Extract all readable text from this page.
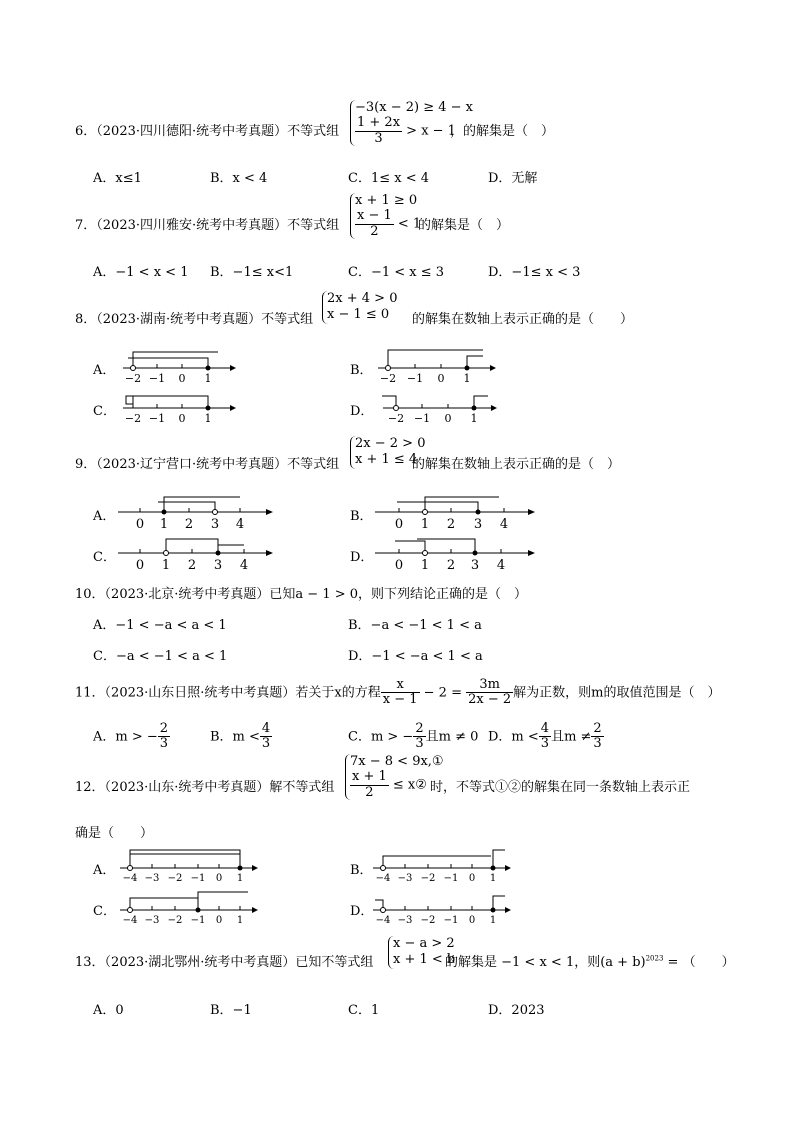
6．（2023·四川德阳·统考中考真题）不等式组
−3(x − 2) ≥ 4 − x
$\frac{1 + 2x}{3} > x - 1$
，的解集是（　）
A．x≤1	B．x < 4	C．1≤ x < 4	D．无解
7．（2023·四川雅安·统考中考真题）不等式组
x + 1 ≥ 0
$\frac{x - 1}{2} < 1$
的解集是（　）
A．−1 < x < 1 B．−1≤ x<1	C．−1 < x ≤ 3	D．−1≤ x < 3
8．（2023·湖南·统考中考真题）不等式组
2x + 4 > 0
x − 1 ≤ 0	的解集在数轴上表示正确的是（　　）
A．	B．
C．	D．
−2 −1 0 1	−2 −1 0 1
−2 −1 0 1	−2 −1 0 1
9．（2023·辽宁营口·统考中考真题）不等式组
2x − 2 > 0
x + 1 ≤ 4
的解集在数轴上表示正确的是（　）
A．	B．
C．	D．
0 1 2 3 4	0 1 2 3 4
0 1 2 3 4	0 1 2 3 4
10．（2023·北京·统考中考真题）已知a − 1 > 0，则下列结论正确的是（　）
A．−1 < −a < a < 1	B．−a < −1 < 1 < a
C．−a < −1 < a < 1	D．−1 < −a < 1 < a
11．（2023·山东日照·统考中考真题）若关于x的方程 $\frac{x}{x - 1} - 2 = \frac{3m}{2x - 2}$ 解为正数，则m的取值范围是（　）
A．m > − $\frac{2}{3}$	B．$m < \frac{4}{3}$	C．m > − $\frac{2}{3}$ 且m ≠ 0 D．$m < \frac{4}{3}$ 且$m \ne \frac{2}{3}$
12．（2023·山东·统考中考真题）解不等式组
7x − 8 < 9x,①
$\frac{x + 1}{2}$ ≤ x② 时，不等式①②的解集在同一条数轴上表示正
确是（　　）
A．	B．
C．	D．
−4 −3 −2 −1 0 1	−4 −3 −2 −1 0 1
−4 −3 −2 −1 0 1	−4 −3 −2 −1 0 1
13．（2023·湖北鄂州·统考中考真题）已知不等式组
x − a > 2
x + 1 < b
的解集是 −1 < x < 1，则$(a + b)^{2023}$ = （　　）
A．0	B．−1	C．1	D．2023
